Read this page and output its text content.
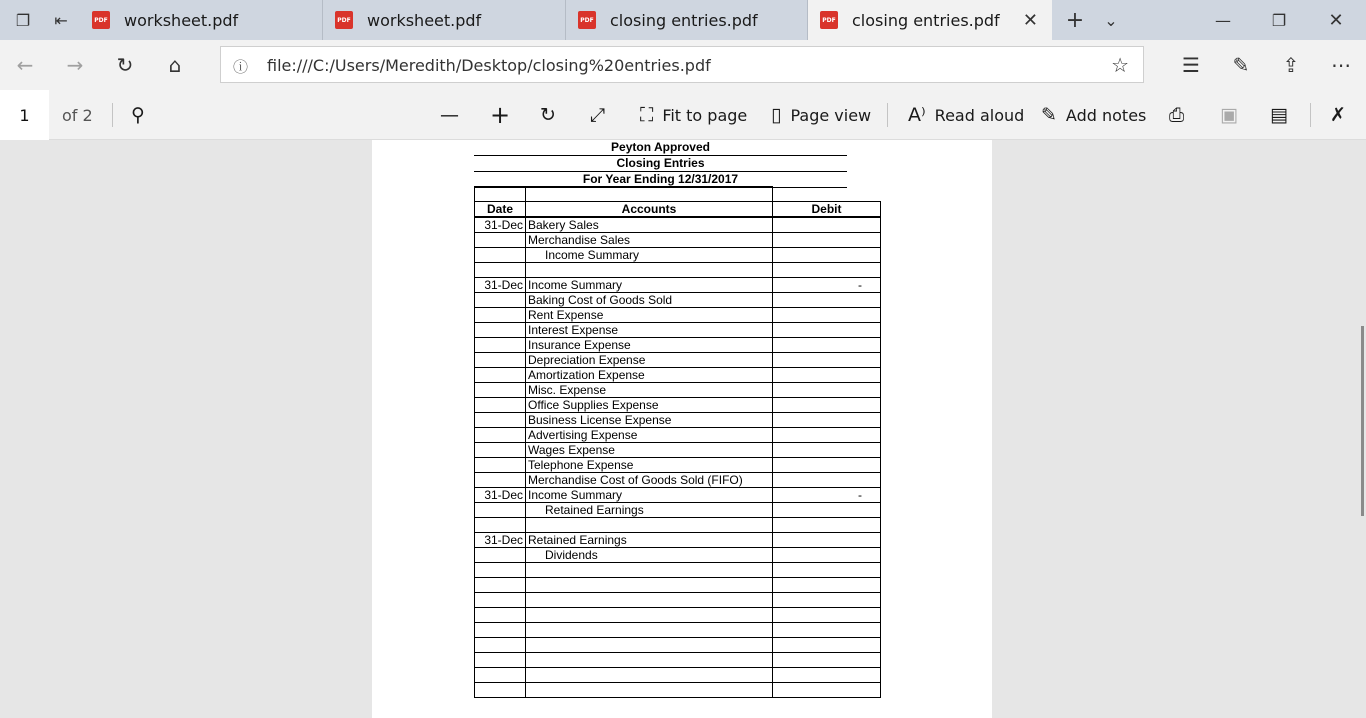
❐	⇤	PDF worksheet.pdf	PDF worksheet.pdf	PDF closing entries.pdf	PDF closing entries.pdf ✕	+	⌄	—	❐	✕
←	→	↻	⌂	ⓘ file:///C:/Users/Meredith/Desktop/closing%20entries.pdf	☆	☰	✎	⇪	⋯
1	of 2 ⚲	— + ↻ ⤢ ⛶ Fit to page ▯ Page view A⁾ Read aloud ✎ Add notes ⎙ ▣ ▤ ✗
Peyton Approved
Closing Entries
For Year Ending 12/31/2017

Date	Accounts	Debit
31-Dec	Bakery Sales	
	Merchandise Sales	
	Income Summary	

31-Dec	Income Summary	-
	Baking Cost of Goods Sold	
	Rent Expense	
	Interest Expense	
	Insurance Expense	
	Depreciation Expense	
	Amortization Expense	
	Misc. Expense	
	Office Supplies Expense	
	Business License Expense	
	Advertising Expense	
	Wages Expense	
	Telephone Expense	
	Merchandise Cost of Goods Sold (FIFO)	
31-Dec	Income Summary	-
	Retained Earnings	

31-Dec	Retained Earnings	
	Dividends	
